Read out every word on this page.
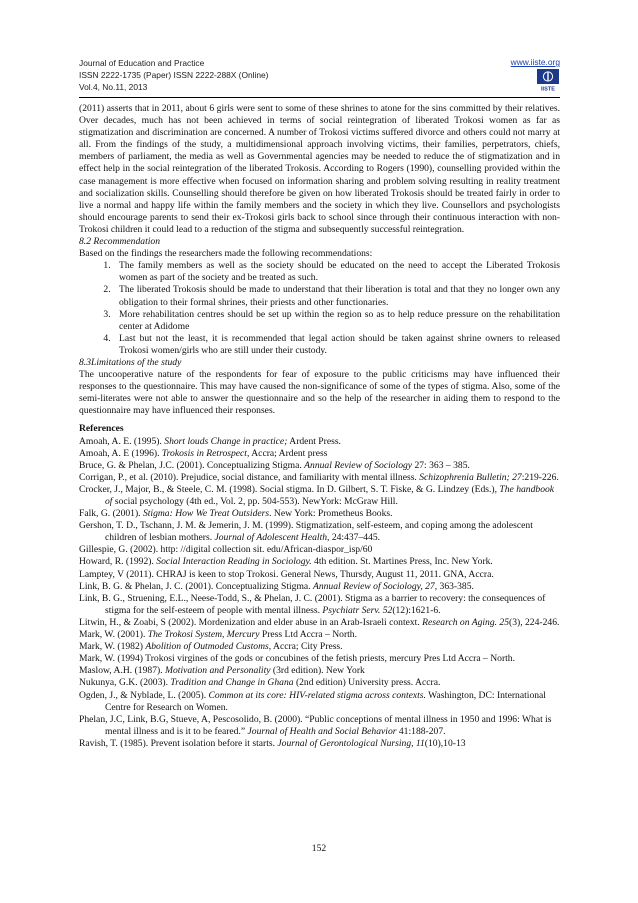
Journal of Education and Practice
ISSN 2222-1735 (Paper) ISSN 2222-288X (Online)
Vol.4, No.11, 2013
www.iiste.org
IISTE

(2011) asserts that in 2011, about 6 girls were sent to some of these shrines to atone for the sins committed by their relatives. Over decades, much has not been achieved in terms of social reintegration of liberated Trokosi women as far as stigmatization and discrimination are concerned. A number of Trokosi victims suffered divorce and others could not marry at all. From the findings of the study, a multidimensional approach involving victims, their families, perpetrators, chiefs, members of parliament, the media as well as Governmental agencies may be needed to reduce the of stigmatization and in effect help in the social reintegration of the liberated Trokosis. According to Rogers (1990), counselling provided within the case management is more effective when focused on information sharing and problem solving resulting in reality treatment and socialization skills. Counselling should therefore be given on how liberated Trokosis should be treated fairly in order to live a normal and happy life within the family members and the society in which they live. Counsellors and psychologists should encourage parents to send their ex-Trokosi girls back to school since through their continuous interaction with non-Trokosi children it could lead to a reduction of the stigma and subsequently successful reintegration.

8.2 Recommendation

Based on the findings the researchers made the following recommendations:

1. The family members as well as the society should be educated on the need to accept the Liberated Trokosis women as part of the society and be treated as such.
2. The liberated Trokosis should be made to understand that their liberation is total and that they no longer own any obligation to their formal shrines, their priests and other functionaries.
3. More rehabilitation centres should be set up within the region so as to help reduce pressure on the rehabilitation center at Adidome
4. Last but not the least, it is recommended that legal action should be taken against shrine owners to released Trokosi women/girls who are still under their custody.

8.3Limitations of the study

The uncooperative nature of the respondents for fear of exposure to the public criticisms may have influenced their responses to the questionnaire. This may have caused the non-significance of some of the types of stigma. Also, some of the semi-literates were not able to answer the questionnaire and so the help of the researcher in aiding them to respond to the questionnaire may have influenced their responses.

References

Amoah, A. E. (1995). Short louds Change in practice; Ardent Press.

Amoah, A. E (1996). Trokosis in Retrospect, Accra; Ardent press

Bruce, G. & Phelan, J.C. (2001). Conceptualizing Stigma. Annual Review of Sociology 27: 363 – 385.

Corrigan, P., et al. (2010). Prejudice, social distance, and familiarity with mental illness. Schizophrenia Bulletin; 27:219-226.

Crocker, J., Major, B., & Steele, C. M. (1998). Social stigma. In D. Gilbert, S. T. Fiske, & G. Lindzey (Eds.), The handbook of social psychology (4th ed., Vol. 2, pp. 504-553). NewYork: McGraw Hill.

Falk, G. (2001). Stigma: How We Treat Outsiders. New York: Prometheus Books.

Gershon, T. D., Tschann, J. M. & Jemerin, J. M. (1999). Stigmatization, self-esteem, and coping among the adolescent children of lesbian mothers. Journal of Adolescent Health, 24:437–445.

Gillespie, G. (2002). http: //digital collection sit. edu/African-diaspor_isp/60

Howard, R. (1992). Social Interaction Reading in Sociology. 4th edition. St. Martines Press, Inc. New York.

Lamptey, V (2011). CHRAJ is keen to stop Trokosi. General News, Thursdy, August 11, 2011. GNA, Accra.

Link, B. G. & Phelan, J. C. (2001). Conceptualizing Stigma. Annual Review of Sociology, 27, 363-385.

Link, B. G., Struening, E.L., Neese-Todd, S., & Phelan, J. C. (2001). Stigma as a barrier to recovery: the consequences of stigma for the self-esteem of people with mental illness. Psychiatr Serv. 52(12):1621-6.

Litwin, H., & Zoabi, S (2002). Mordenization and elder abuse in an Arab-Israeli context. Research on Aging. 25(3), 224-246.

Mark, W. (2001). The Trokosi System, Mercury Press Ltd Accra – North.

Mark, W. (1982) Abolition of Outmoded Customs, Accra; City Press.

Mark, W. (1994) Trokosi virgines of the gods or concubines of the fetish priests, mercury Pres Ltd Accra – North.

Maslow, A.H. (1987). Motivation and Personality (3rd edition). New York

Nukunya, G.K. (2003). Tradition and Change in Ghana (2nd edition) University press. Accra.

Ogden, J., & Nyblade, L. (2005). Common at its core: HIV-related stigma across contexts. Washington, DC: International Centre for Research on Women.

Phelan, J.C, Link, B.G, Stueve, A, Pescosolido, B. (2000). “Public conceptions of mental illness in 1950 and 1996: What is mental illness and is it to be feared.” Journal of Health and Social Behavior 41:188-207.

Ravish, T. (1985). Prevent isolation before it starts. Journal of Gerontological Nursing, 11(10),10-13

152
